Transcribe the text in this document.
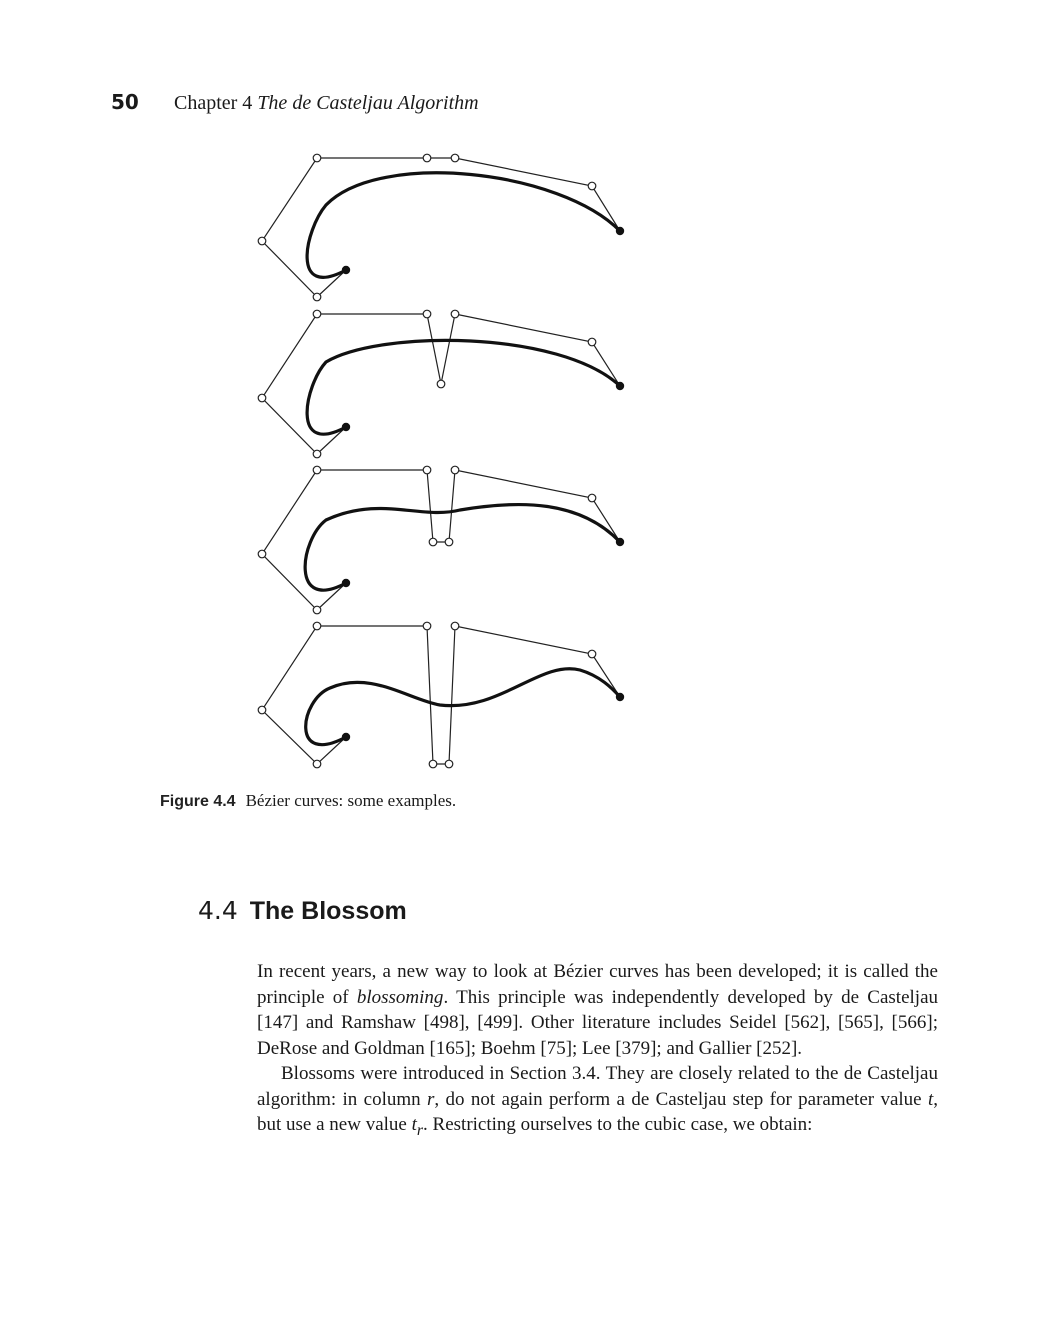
50 Chapter 4 The de Casteljau Algorithm
Figure 4.4 Bézier curves: some examples.
4.4 The Blossom

In recent years, a new way to look at Bézier curves has been developed; it is called the principle of blossoming. This principle was independently developed by de Casteljau [147] and Ramshaw [498], [499]. Other literature includes Seidel [562], [565], [566]; DeRose and Goldman [165]; Boehm [75]; Lee [379]; and Gallier [252].

Blossoms were introduced in Section 3.4. They are closely related to the de Casteljau algorithm: in column r, do not again perform a de Casteljau step for parameter value t, but use a new value $t_r$. Restricting ourselves to the cubic case, we obtain:
